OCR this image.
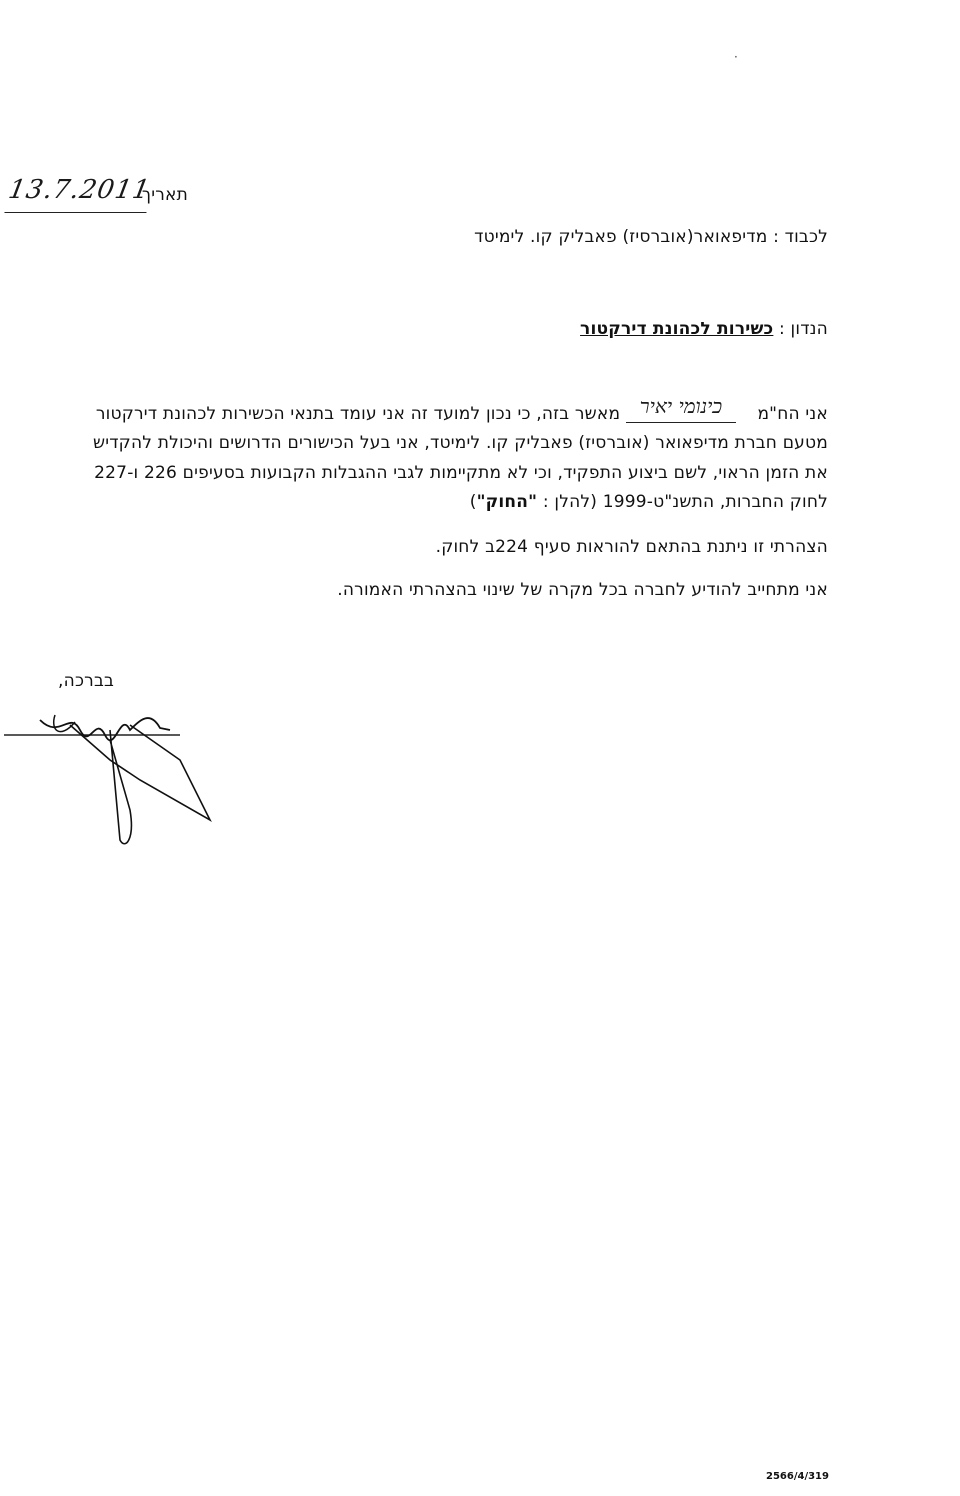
·
13.7.2011
תאריך
לכבוד : מדיפאואר(אוברסיז) פאבליק קו. לימיטד
הנדון : כשירות לכהונת דירקטור
אני הח"מ  מאשר בזה, כי נכון למועד זה אני עומד בתנאי הכשירות לכהונת דירקטור כינומי יאיר
מטעם חברת מדיפאואר (אוברסיז) פאבליק קו. לימיטד, אני בעל הכישורים הדרושים והיכולת להקדיש
את הזמן הראוי, לשם ביצוע התפקיד, וכי לא מתקיימות לגבי ההגבלות הקבועות בסעיפים 226 ו-227
לחוק החברות, התשנ"ט-1999 (להלן : "החוק")
הצהרתי זו ניתנת בהתאם להוראות סעיף 224ב לחוק.
אני מתחייב להודיע לחברה בכל מקרה של שינוי בהצהרתי האמורה.
בברכה,
2566/4/319
